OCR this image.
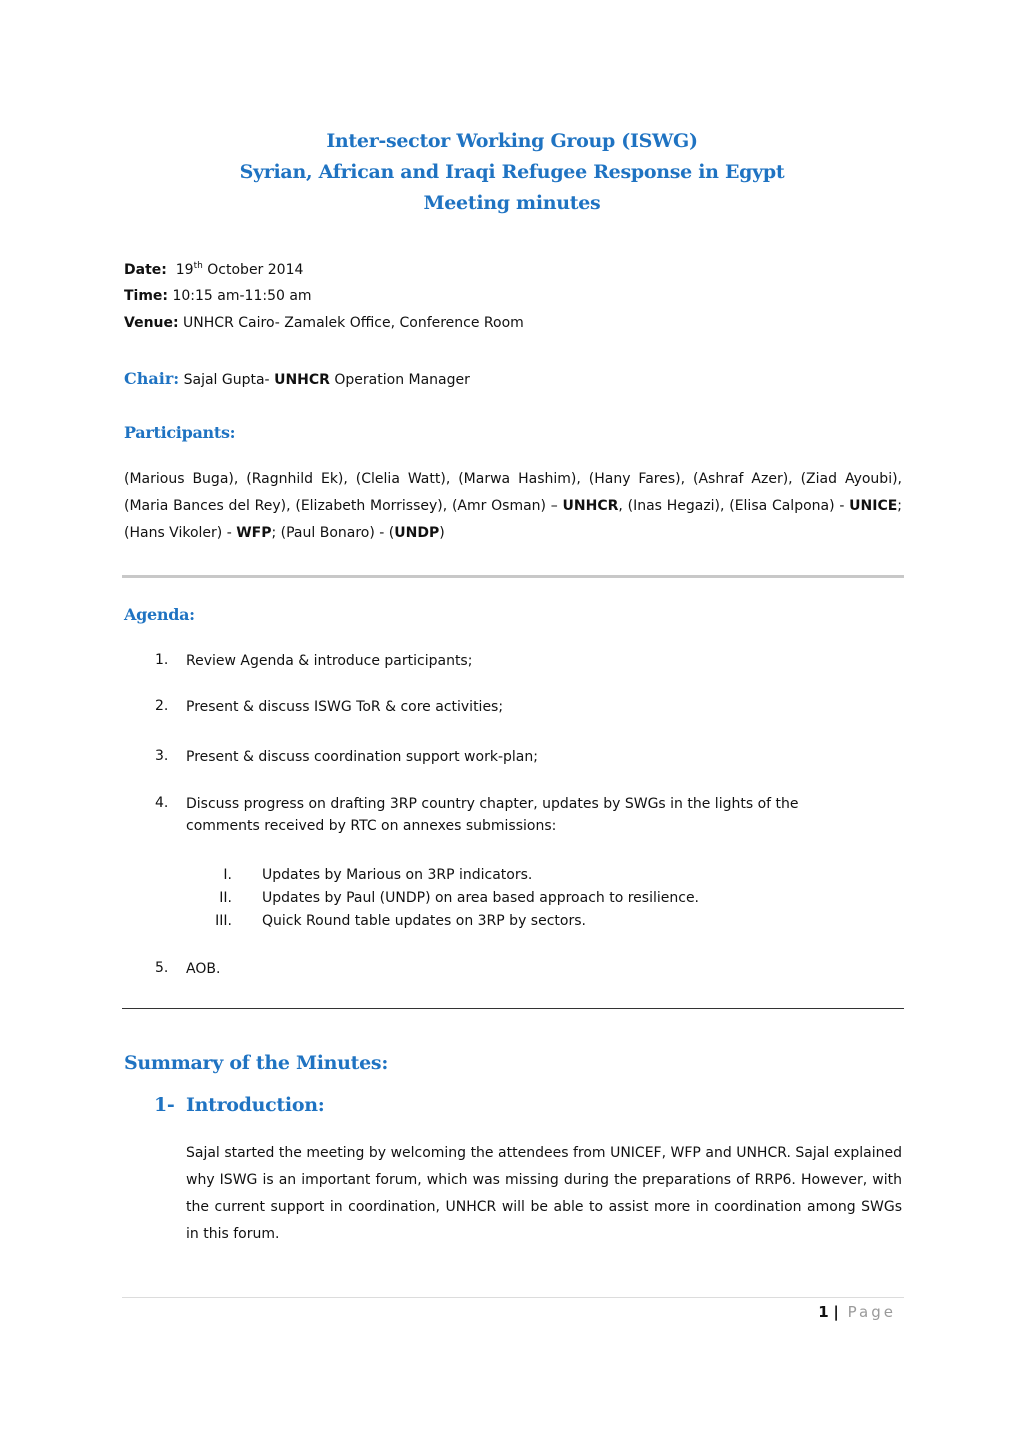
Inter-sector Working Group (ISWG)
Syrian, African and Iraqi Refugee Response in Egypt
Meeting minutes
Date: 19th October 2014
Time: 10:15 am-11:50 am
Venue: UNHCR Cairo- Zamalek Office, Conference Room
Chair: Sajal Gupta- UNHCR Operation Manager
Participants:
(Marious Buga), (Ragnhild Ek), (Clelia Watt), (Marwa Hashim), (Hany Fares), (Ashraf Azer), (Ziad Ayoubi), (Maria Bances del Rey), (Elizabeth Morrissey), (Amr Osman) – UNHCR, (Inas Hegazi), (Elisa Calpona) - UNICE; (Hans Vikoler) - WFP; (Paul Bonaro) - (UNDP)
Agenda:
1. Review Agenda & introduce participants;
2. Present & discuss ISWG ToR & core activities;
3. Present & discuss coordination support work-plan;
4. Discuss progress on drafting 3RP country chapter, updates by SWGs in the lights of the comments received by RTC on annexes submissions:
I. Updates by Marious on 3RP indicators.
II. Updates by Paul (UNDP) on area based approach to resilience.
III. Quick Round table updates on 3RP by sectors.
5. AOB.
Summary of the Minutes:
1- Introduction:
Sajal started the meeting by welcoming the attendees from UNICEF, WFP and UNHCR. Sajal explained why ISWG is an important forum, which was missing during the preparations of RRP6. However, with the current support in coordination, UNHCR will be able to assist more in coordination among SWGs in this forum.
1 | Page
